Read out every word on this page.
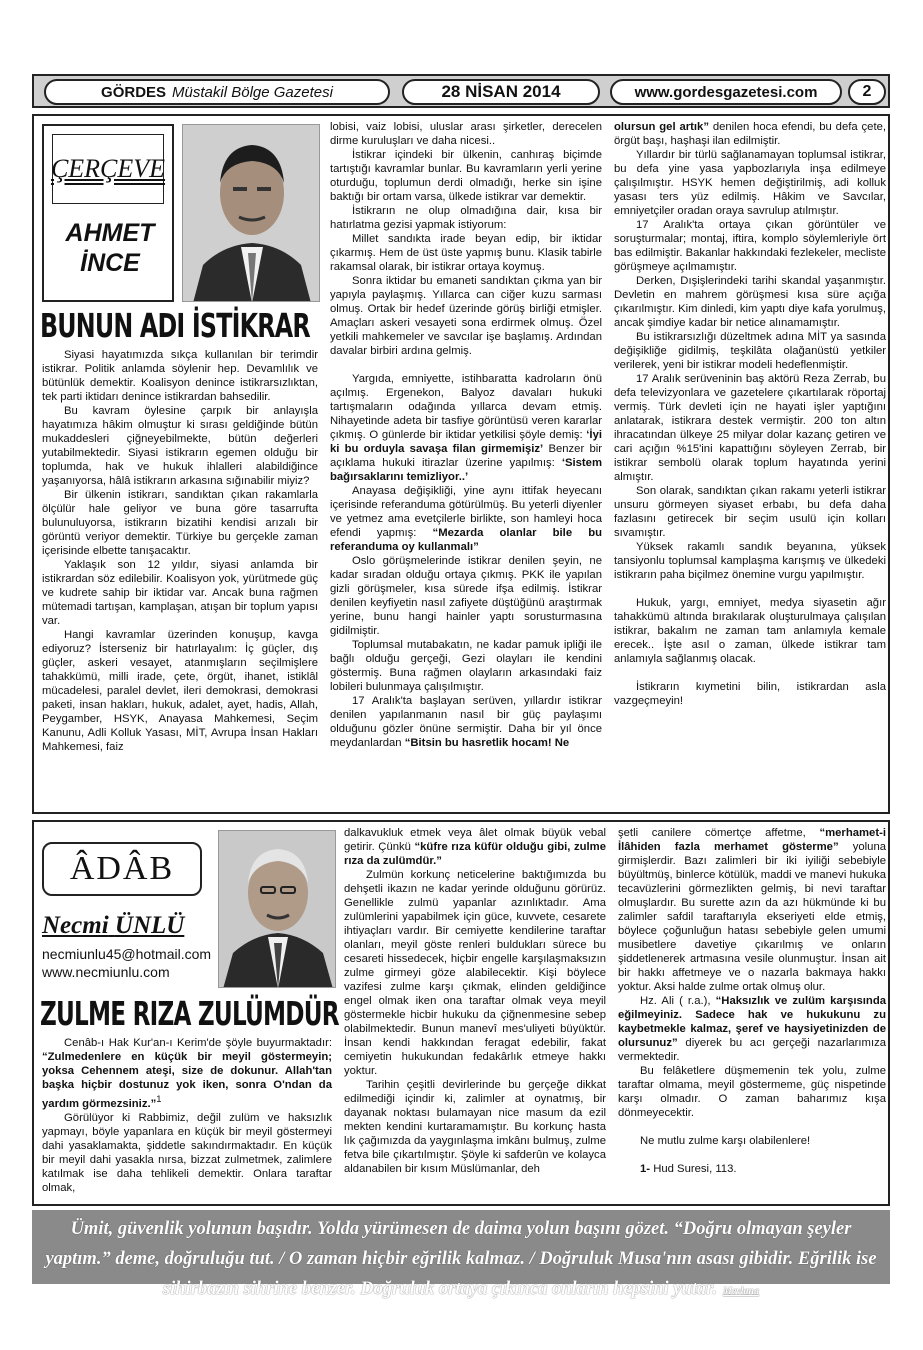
GÖRDES Müstakil Bölge Gazetesi	28 NİSAN 2014	www.gordesgazetesi.com	2
ÇERÇEVE
AHMET
İNCE
BUNUN ADI İSTİKRAR

Siyasi hayatımızda sıkça kullanılan bir terimdir istikrar. Politik anlamda söylenir hep. Devamlılık ve bütünlük demektir. Koalisyon denince istikrarsızlıktan, tek parti iktidarı denince istikrardan bahsedilir.

Bu kavram öylesine çarpık bir anlayışla hayatımıza hâkim olmuştur ki sırası geldiğinde bütün mukaddesleri çiğneyebilmekte, bütün değerleri yutabilmektedir. Siyasi istikrarın egemen olduğu bir toplumda, hak ve hukuk ihlalleri alabildiğince yaşanıyorsa, hâlâ istikrarın arkasına sığınabilir miyiz?

Bir ülkenin istikrarı, sandıktan çıkan rakamlarla ölçülür hale geliyor ve buna göre tasarrufta bulunuluyorsa, istikrarın bizatihi kendisi arızalı bir görüntü veriyor demektir. Türkiye bu gerçekle zaman içerisinde elbette tanışacaktır.

Yaklaşık son 12 yıldır, siyasi anlamda bir istikrardan söz edilebilir. Koalisyon yok, yürütmede güç ve kudrete sahip bir iktidar var. Ancak buna rağmen mütemadi tartışan, kamplaşan, atışan bir toplum yapısı var.

Hangi kavramlar üzerinden konuşup, kavga ediyoruz? İsterseniz bir hatırlayalım: İç güçler, dış güçler, askeri vesayet, atanmışların seçilmişlere tahakkümü, milli irade, çete, örgüt, ihanet, istiklâl mücadelesi, paralel devlet, ileri demokrasi, demokrasi paketi, insan hakları, hukuk, adalet, ayet, hadis, Allah, Peygamber, HSYK, Anayasa Mahkemesi, Seçim Kanunu, Adli Kolluk Yasası, MİT, Avrupa İnsan Hakları Mahkemesi, faiz

lobisi, vaiz lobisi, uluslar arası şirketler, derecelen dirme kuruluşları ve daha nicesi..

İstikrar içindeki bir ülkenin, canhıraş biçimde tartıştığı kavramlar bunlar. Bu kavramların yerli yerine oturduğu, toplumun derdi olmadığı, herke sin işine baktığı bir ortam varsa, ülkede istikrar var demektir.

İstikrarın ne olup olmadığına dair, kısa bir hatırlatma gezisi yapmak istiyorum:

Millet sandıkta irade beyan edip, bir iktidar çıkarmış. Hem de üst üste yapmış bunu. Klasik tabirle rakamsal olarak, bir istikrar ortaya koymuş.

Sonra iktidar bu emaneti sandıktan çıkma yan bir yapıyla paylaşmış. Yıllarca can ciğer kuzu sarması olmuş. Ortak bir hedef üzerinde görüş birliği etmişler. Amaçları askeri vesayeti sona erdirmek olmuş. Özel yetkili mahkemeler ve savcılar işe başlamış. Ardından davalar birbiri ardına gelmiş.

Yargıda, emniyette, istihbaratta kadroların önü açılmış. Ergenekon, Balyoz davaları hukuki tartışmaların odağında yıllarca devam etmiş. Nihayetinde adeta bir tasfiye görüntüsü veren kararlar çıkmış. O günlerde bir iktidar yetkilisi şöyle demiş: ‘İyi ki bu orduyla savaşa filan girmemişiz’ Benzer bir açıklama hukuki itirazlar üzerine yapılmış: ‘Sistem bağırsaklarını temizliyor..’

Anayasa değişikliği, yine aynı ittifak heyecanı içerisinde referanduma götürülmüş. Bu yeterli diyenler ve yetmez ama evetçilerle birlikte, son hamleyi hoca efendi yapmış: “Mezarda olanlar bile bu referanduma oy kullanmalı”

Oslo görüşmelerinde istikrar denilen şeyin, ne kadar sıradan olduğu ortaya çıkmış. PKK ile yapılan gizli görüşmeler, kısa sürede ifşa edilmiş. İstikrar denilen keyfiyetin nasıl zafiyete düştüğünü araştırmak yerine, bunu hangi hainler yaptı sorusturmasına gidilmiştir.

Toplumsal mutabakatın, ne kadar pamuk ipliği ile bağlı olduğu gerçeği, Gezi olayları ile kendini göstermiş. Buna rağmen olayların arkasındaki faiz lobileri bulunmaya çalışılmıştır.

17 Aralık'ta başlayan serüven, yıllardır istikrar denilen yapılanmanın nasıl bir güç paylaşımı olduğunu gözler önüne sermiştir. Daha bir yıl önce meydanlardan “Bitsin bu hasretlik hocam! Ne

olursun gel artık” denilen hoca efendi, bu defa çete, örgüt başı, haşhaşi ilan edilmiştir.

Yıllardır bir türlü sağlanamayan toplumsal istikrar, bu defa yine yasa yapbozlarıyla inşa edilmeye çalışılmıştır. HSYK hemen değiştirilmiş, adi kolluk yasası ters yüz edilmiş. Hâkim ve Savcılar, emniyetçiler oradan oraya savrulup atılmıştır.

17 Aralık'ta ortaya çıkan görüntüler ve soruşturmalar; montaj, iftira, komplo söylemleriyle ört bas edilmiştir. Bakanlar hakkındaki fezlekeler, mecliste görüşmeye açılmamıştır.

Derken, Dışişlerindeki tarihi skandal yaşanmıştır. Devletin en mahrem görüşmesi kısa süre açığa çıkarılmıştır. Kim dinledi, kim yaptı diye kafa yorulmuş, ancak şimdiye kadar bir netice alınamamıştır.

Bu istikrarsızlığı düzeltmek adına MİT ya sasında değişikliğe gidilmiş, teşkilâta olağanüstü yetkiler verilerek, yeni bir istikrar modeli hedeflenmiştir.

17 Aralık serüveninin baş aktörü Reza Zerrab, bu defa televizyonlara ve gazetelere çıkartılarak röportaj vermiş. Türk devleti için ne hayati işler yaptığını anlatarak, istikrara destek vermiştir. 200 ton altın ihracatından ülkeye 25 milyar dolar kazanç getiren ve cari açığın %15'ini kapattığını söyleyen Zerrab, bir istikrar sembolü olarak toplum hayatında yerini almıştır.

Son olarak, sandıktan çıkan rakamı yeterli istikrar unsuru görmeyen siyaset erbabı, bu defa daha fazlasını getirecek bir seçim usulü için kolları sıvamıştır.

Yüksek rakamlı sandık beyanına, yüksek tansiyonlu toplumsal kamplaşma karışmış ve ülkedeki istikrarın paha biçilmez önemine vurgu yapılmıştır.

Hukuk, yargı, emniyet, medya siyasetin ağır tahakkümü altında bırakılarak oluşturulmaya çalışılan istikrar, bakalım ne zaman tam anlamıyla kemale erecek.. İşte asıl o zaman, ülkede istikrar tam anlamıyla sağlanmış olacak.

İstikrarın kıymetini bilin, istikrardan asla vazgeçmeyin!

ÂDÂB
Necmi ÜNLÜ
necmiunlu45@hotmail.com
www.necmiunlu.com
ZULME RIZA ZULÜMDÜR

Cenâb-ı Hak Kur'an-ı Kerim'de şöyle buyurmaktadır: “Zulmedenlere en küçük bir meyil göstermeyin; yoksa Cehennem ateşi, size de dokunur. Allah'tan başka hiçbir dostunuz yok iken, sonra O'ndan da yardım görmezsiniz.”$^1$

Görülüyor ki Rabbimiz, değil zulüm ve haksızlık yapmayı, böyle yapanlara en küçük bir meyil göstermeyi dahi yasaklamakta, şiddetle sakındırmaktadır. En küçük bir meyil dahi yasakla nırsa, bizzat zulmetmek, zalimlere katılmak ise daha tehlikeli demektir. Onlara taraftar olmak,

dalkavukluk etmek veya âlet olmak büyük vebal getirir. Çünkü “küfre rıza küfür olduğu gibi, zulme rıza da zulümdür.”

Zulmün korkunç neticelerine baktığımızda bu dehşetli ikazın ne kadar yerinde olduğunu görürüz. Genellikle zulmü yapanlar azınlıktadır. Ama zulümlerini yapabilmek için güce, kuvvete, cesarete ihtiyaçları vardır. Bir cemiyette kendilerine taraftar olanları, meyil göste renleri buldukları sürece bu cesareti hissedecek, hiçbir engelle karşılaşmaksızın zulme girmeyi göze alabilecektir. Kişi böylece vazifesi zulme karşı çıkmak, elinden geldiğince engel olmak iken ona taraftar olmak veya meyil göstermekle hicbir hukuku da çiğnenmesine sebep olabilmektedir. Bunun manevî mes'uliyeti büyüktür. İnsan kendi hakkından feragat edebilir, fakat cemiyetin hukukundan fedakârlık etmeye hakkı yoktur.

Tarihin çeşitli devirlerinde bu gerçeğe dikkat edilmediği içindir ki, zalimler at oynatmış, bir dayanak noktası bulamayan nice masum da ezil mekten kendini kurtaramamıştır. Bu korkunç hasta lık çağımızda da yaygınlaşma imkânı bulmuş, zulme fetva bile çıkartılmıştır. Şöyle ki safderûn ve kolayca aldanabilen bir kısım Müslümanlar, deh

şetli canilere cömertçe affetme, “merhamet-i İlâhiden fazla merhamet gösterme” yoluna girmişlerdir. Bazı zalimleri bir iki iyiliği sebebiyle büyültmüş, binlerce kötülük, maddi ve manevi hukuka tecavüzlerini görmezlikten gelmiş, bi nevi taraftar olmuşlardır. Bu surette azın da azı hükmünde ki bu zalimler safdil taraftarıyla ekseriyeti elde etmiş, böylece çoğunluğun hatası sebebiyle gelen umumi musibetlere davetiye çıkarılmış ve onların şiddetlenerek artmasına vesile olunmuştur. İnsan ait bir hakkı affetmeye ve o nazarla bakmaya hakkı yoktur. Aksi halde zulme ortak olmuş olur.

Hz. Ali ( r.a.), “Haksızlık ve zulüm karşısında eğilmeyiniz. Sadece hak ve hukukunu zu kaybetmekle kalmaz, şeref ve haysiyetinizden de olursunuz” diyerek bu acı gerçeği nazarlarımıza vermektedir.

Bu felâketlere düşmemenin tek yolu, zulme taraftar olmama, meyil göstermeme, güç nispetinde karşı olmadır. O zaman baharımız kışa dönmeyecektir.

Ne mutlu zulme karşı olabilenlere!

1- Hud Suresi, 113.

Ümit, güvenlik yolunun başıdır. Yolda yürümesen de daima yolun başını gözet. “Doğru olmayan şeyler yaptım.” deme, doğruluğu tut. / O zaman hiçbir eğrilik kalmaz. / Doğruluk Musa'nın asası gibidir. Eğrilik ise sihirbazın sihrine benzer. Doğruluk ortaya çıkınca onların hepsini yutar. Mevlana
